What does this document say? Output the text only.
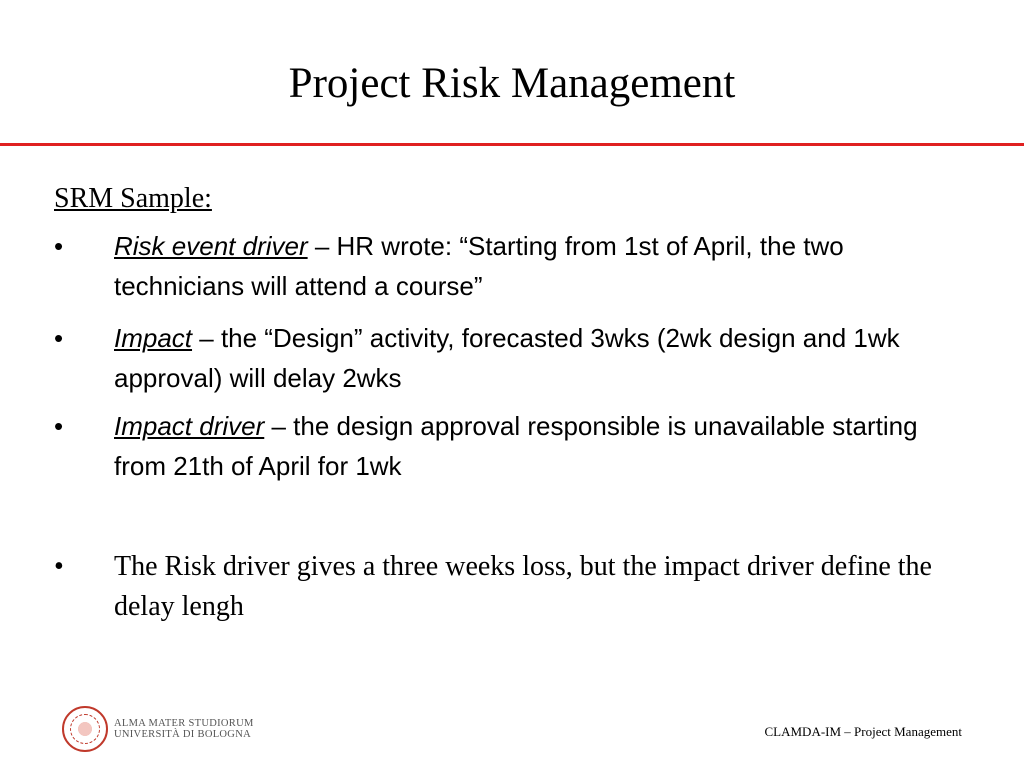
Project Risk Management
SRM Sample:
•	Risk event driver – HR wrote: “Starting from 1st of April, the two technicians will attend a course”
•	Impact – the “Design” activity, forecasted 3wks (2wk design and 1wk approval) will delay 2wks
•	Impact driver – the design approval responsible is unavailable starting from 21th of April for 1wk
•	The Risk driver gives a three weeks loss, but the impact driver define the delay lengh
ALMA MATER STUDIORUM
UNIVERSITÀ DI BOLOGNA	CLAMDA-IM – Project Management
